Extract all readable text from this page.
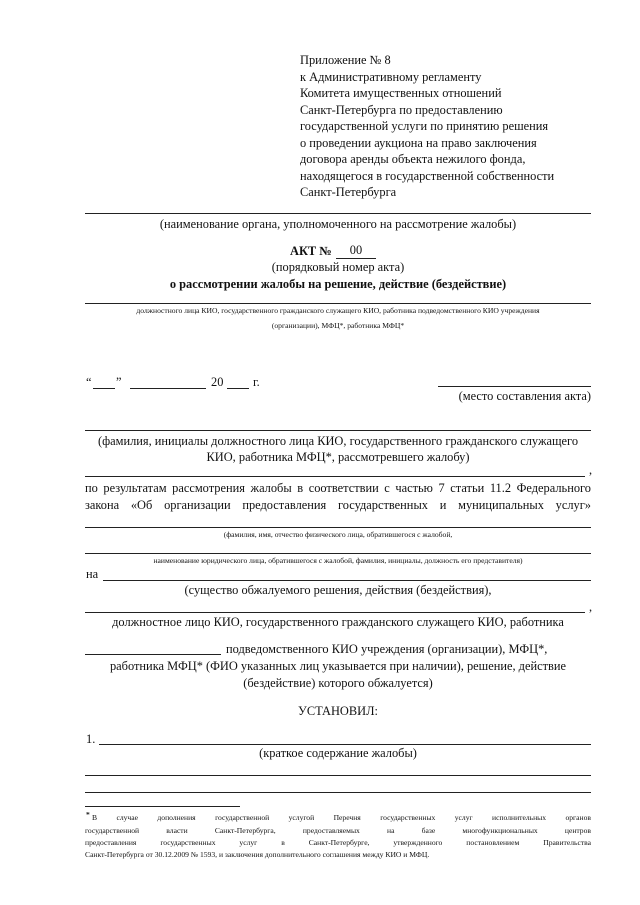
Приложение № 8
к Административному регламенту
Комитета имущественных отношений
Санкт-Петербурга по предоставлению
государственной услуги по принятию решения
о проведении аукциона на право заключения
договора аренды объекта нежилого фонда,
находящегося в государственной собственности
Санкт-Петербурга
(наименование органа, уполномоченного на рассмотрение жалобы)
АКТ №	00
(порядковый номер акта)
о рассмотрении жалобы на решение, действие (бездействие)
должностного лица КИО, государственного гражданского служащего КИО, работника подведомственного КИО учреждения
(организации), МФЦ*, работника МФЦ*
“ ”	20 г.
(место составления акта)
(фамилия, инициалы должностного лица КИО, государственного гражданского служащего
КИО, работника МФЦ*, рассмотревшего жалобу)
,
по результатам рассмотрения жалобы в соответствии с частью 7 статьи 11.2 Федерального
закона «Об организации предоставления государственных и муниципальных услуг»
(фамилия, имя, отчество физического лица, обратившегося с жалобой,
наименование юридического лица, обратившегося с жалобой, фамилия, инициалы, должность его представителя)
на
(существо обжалуемого решения, действия (бездействия),
,
должностное лицо КИО, государственного гражданского служащего КИО, работника
подведомственного КИО учреждения (организации), МФЦ*,
работника МФЦ* (ФИО указанных лиц указывается при наличии), решение, действие
(бездействие) которого обжалуется)
УСТАНОВИЛ:
1.
(краткое содержание жалобы)
* В случае дополнения государственной услугой Перечня государственных услуг исполнительных органов
государственной власти Санкт-Петербурга, предоставляемых на базе многофункциональных центров
предоставления государственных услуг в Санкт-Петербурге, утвержденного постановлением Правительства
Санкт-Петербурга от 30.12.2009 № 1593, и заключения дополнительного соглашения между КИО и МФЦ.
